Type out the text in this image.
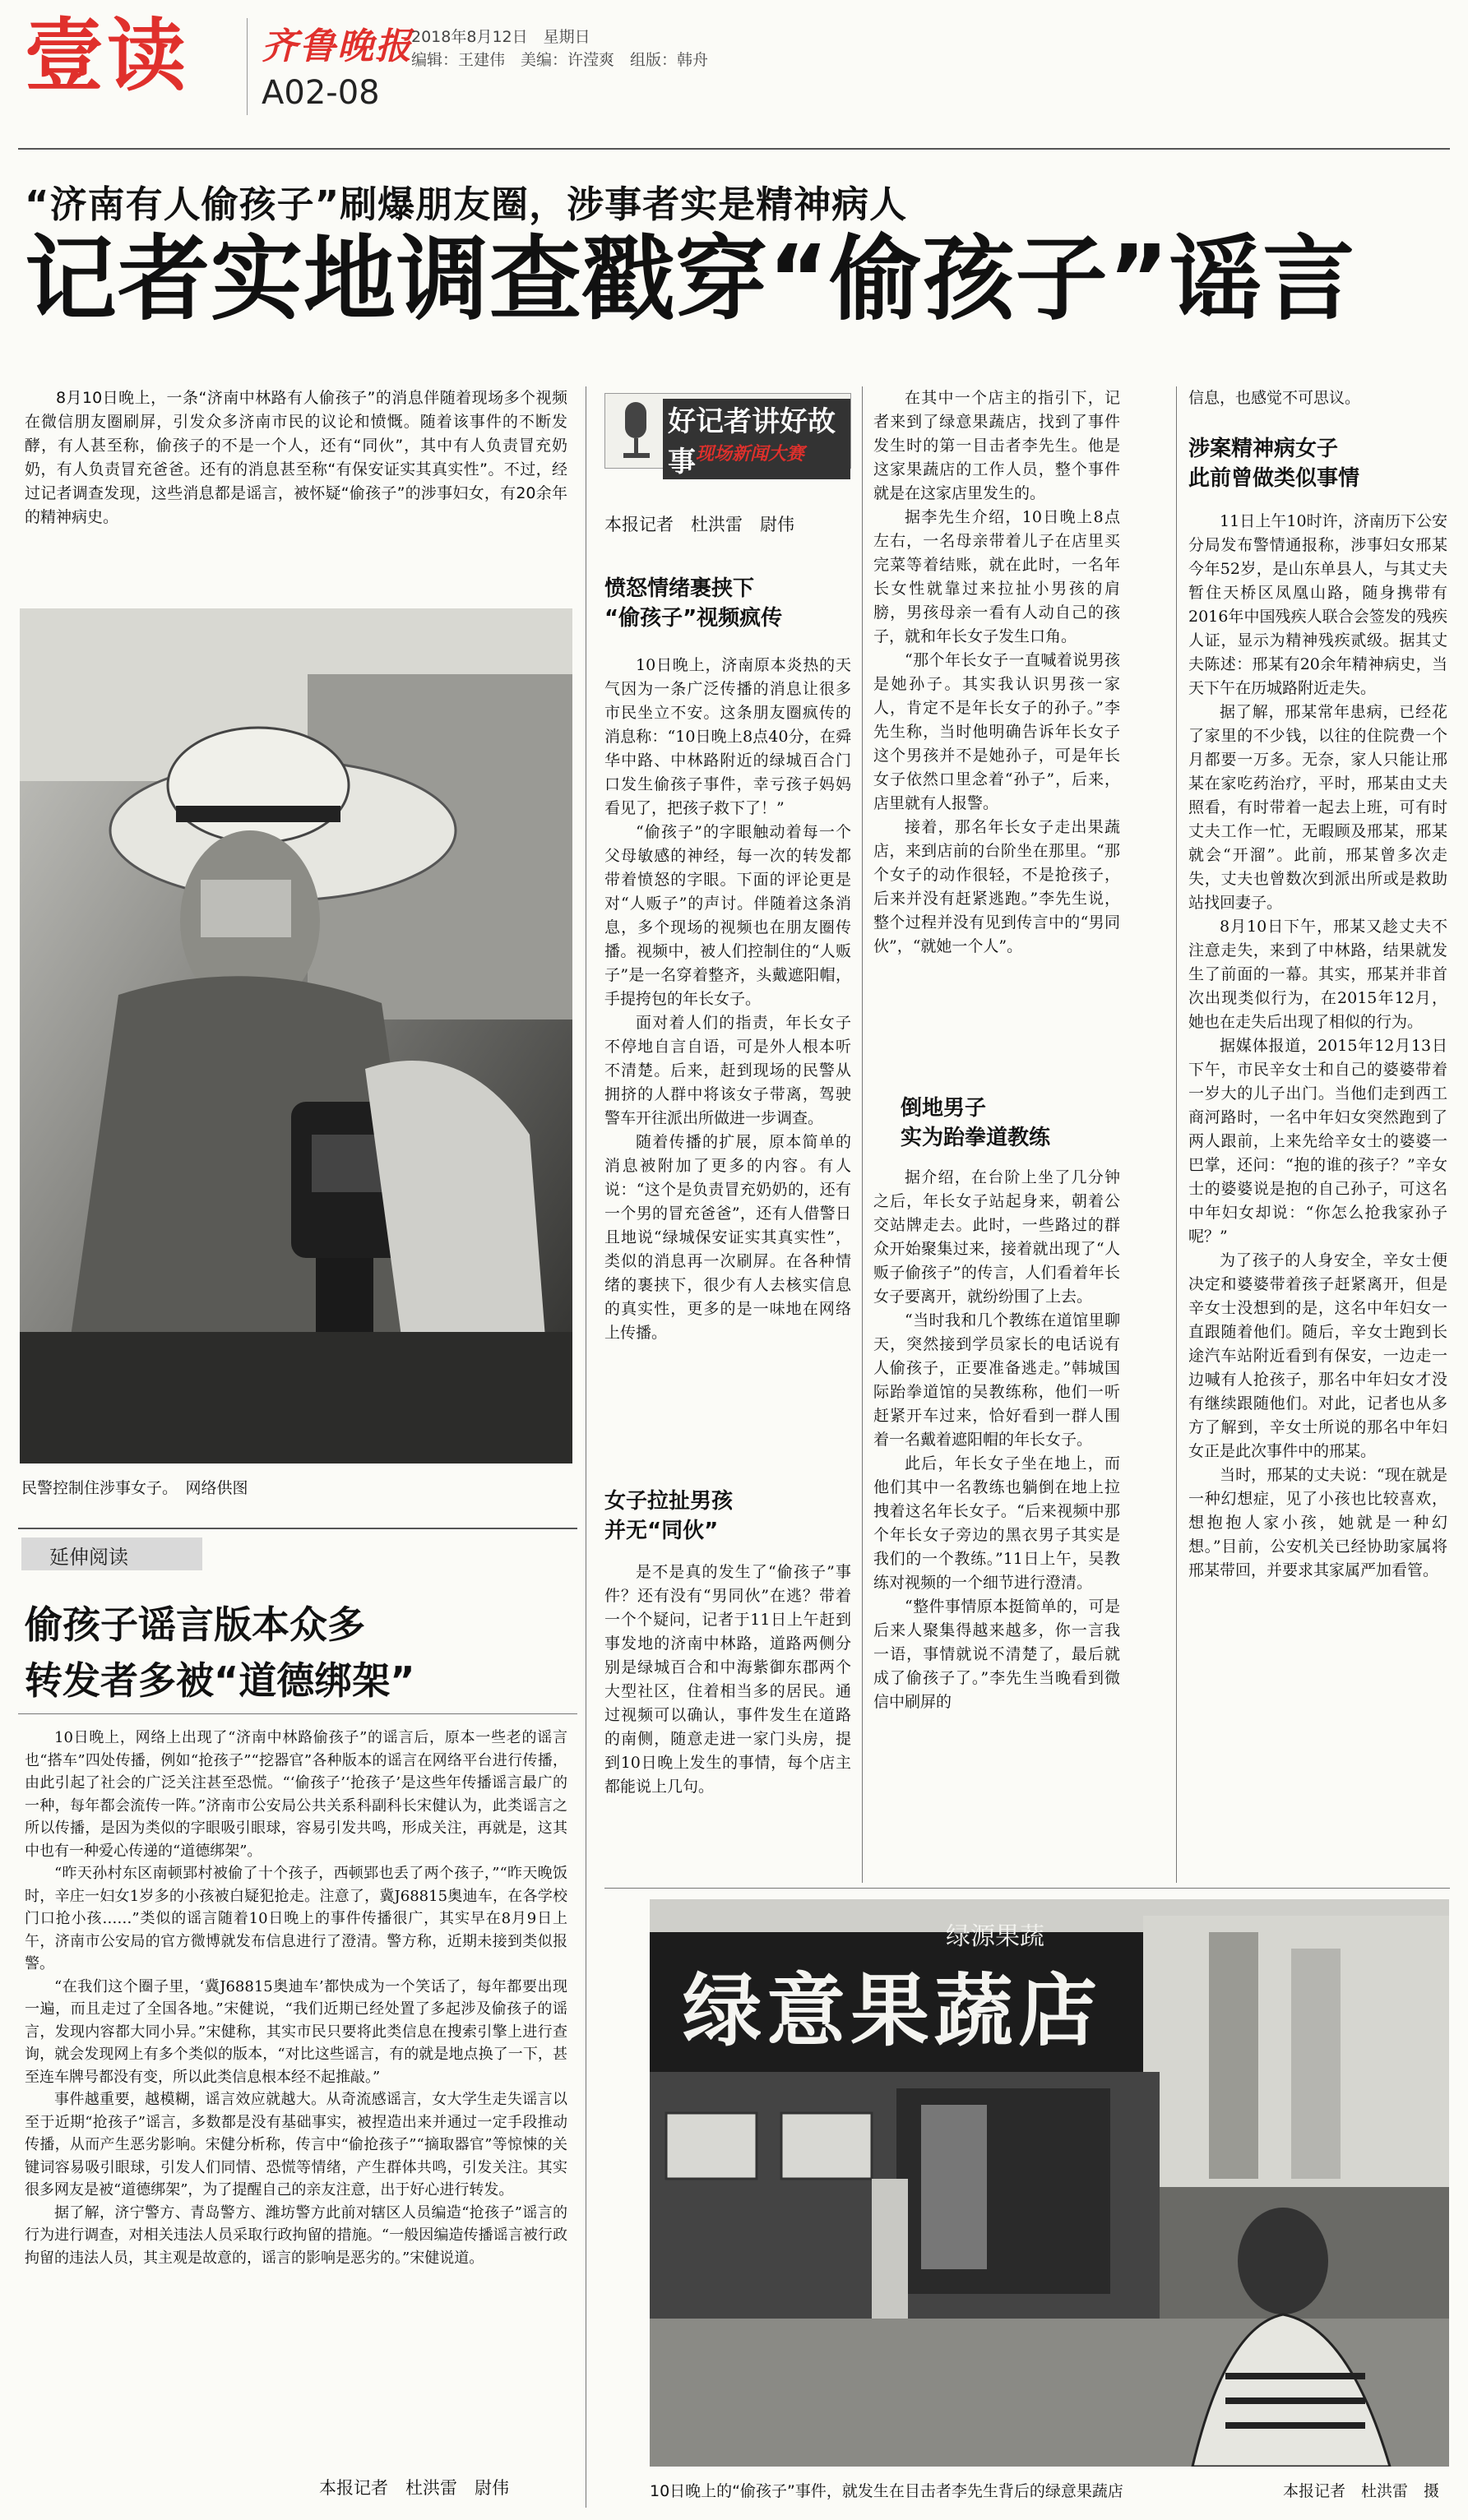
壹读 齐鲁晚报
2018年8月12日　星期日
编辑：王建伟　美编：许滢爽　组版：韩舟
A02-08
“济南有人偷孩子”刷爆朋友圈，涉事者实是精神病人
记者实地调查戳穿“偷孩子”谣言
8月10日晚上，一条“济南中林路有人偷孩子”的消息伴随着现场多个视频在微信朋友圈刷屏，引发众多济南市民的议论和愤慨。随着该事件的不断发酵，有人甚至称，偷孩子的不是一个人，还有“同伙”，其中有人负责冒充奶奶，有人负责冒充爸爸。还有的消息甚至称“有保安证实其真实性”。不过，经过记者调查发现，这些消息都是谣言，被怀疑“偷孩子”的涉事妇女，有20余年的精神病史。
民警控制住涉事女子。　网络供图
延伸阅读
偷孩子谣言版本众多
转发者多被“道德绑架”

10日晚上，网络上出现了“济南中林路偷孩子”的谣言后，原本一些老的谣言也“搭车”四处传播，例如“抢孩子”“挖器官”各种版本的谣言在网络平台进行传播，由此引起了社会的广泛关注甚至恐慌。“‘偷孩子’‘抢孩子’是这些年传播谣言最广的一种，每年都会流传一阵。”济南市公安局公共关系科副科长宋健认为，此类谣言之所以传播，是因为类似的字眼吸引眼球，容易引发共鸣，形成关注，再就是，这其中也有一种爱心传递的“道德绑架”。

“昨天孙村东区南顿郢村被偷了十个孩子，西顿郢也丢了两个孩子，”“昨天晚饭时，辛庄一妇女1岁多的小孩被白疑犯抢走。注意了，冀J68815奥迪车，在各学校门口抢小孩……”类似的谣言随着10日晚上的事件传播很广，其实早在8月9日上午，济南市公安局的官方微博就发布信息进行了澄清。警方称，近期未接到类似报警。

“在我们这个圈子里，‘冀J68815奥迪车’都快成为一个笑话了，每年都要出现一遍，而且走过了全国各地。”宋健说，“我们近期已经处置了多起涉及偷孩子的谣言，发现内容都大同小异。”宋健称，其实市民只要将此类信息在搜索引擎上进行查询，就会发现网上有多个类似的版本，“对比这些谣言，有的就是地点换了一下，甚至连车牌号都没有变，所以此类信息根本经不起推敲。”

事件越重要，越模糊，谣言效应就越大。从奇流感谣言，女大学生走失谣言以至于近期“抢孩子”谣言，多数都是没有基础事实，被捏造出来并通过一定手段推动传播，从而产生恶劣影响。宋健分析称，传言中“偷抢孩子”“摘取器官”等惊悚的关键词容易吸引眼球，引发人们同情、恐慌等情绪，产生群体共鸣，引发关注。其实很多网友是被“道德绑架”，为了提醒自己的亲友注意，出于好心进行转发。

据了解，济宁警方、青岛警方、潍坊警方此前对辖区人员编造“抢孩子”谣言的行为进行调查，对相关违法人员采取行政拘留的措施。“一般因编造传播谣言被行政拘留的违法人员，其主观是故意的，谣言的影响是恶劣的。”宋健说道。

本报记者　杜洪雷　尉伟
好记者讲好故事 现场新闻大赛
本报记者　杜洪雷　尉伟
愤怒情绪裹挟下
“偷孩子”视频疯传

10日晚上，济南原本炎热的天气因为一条广泛传播的消息让很多市民坐立不安。这条朋友圈疯传的消息称：“10日晚上8点40分，在舜华中路、中林路附近的绿城百合门口发生偷孩子事件，幸亏孩子妈妈看见了，把孩子救下了！”

“偷孩子”的字眼触动着每一个父母敏感的神经，每一次的转发都带着愤怒的字眼。下面的评论更是对“人贩子”的声讨。伴随着这条消息，多个现场的视频也在朋友圈传播。视频中，被人们控制住的“人贩子”是一名穿着整齐，头戴遮阳帽，手提挎包的年长女子。

面对着人们的指责，年长女子不停地自言自语，可是外人根本听不清楚。后来，赶到现场的民警从拥挤的人群中将该女子带离，驾驶警车开往派出所做进一步调查。

随着传播的扩展，原本简单的消息被附加了更多的内容。有人说：“这个是负责冒充奶奶的，还有一个男的冒充爸爸”，还有人借警日且地说“绿城保安证实其真实性”，类似的消息再一次刷屏。在各种情绪的裹挟下，很少有人去核实信息的真实性，更多的是一味地在网络上传播。

女子拉扯男孩
并无“同伙”

是不是真的发生了“偷孩子”事件？还有没有“男同伙”在逃？带着一个个疑问，记者于11日上午赶到事发地的济南中林路，道路两侧分别是绿城百合和中海紫御东郡两个大型社区，住着相当多的居民。通过视频可以确认，事件发生在道路的南侧，随意走进一家门头房，提到10日晚上发生的事情，每个店主都能说上几句。

在其中一个店主的指引下，记者来到了绿意果蔬店，找到了事件发生时的第一目击者李先生。他是这家果蔬店的工作人员，整个事件就是在这家店里发生的。

据李先生介绍，10日晚上8点左右，一名母亲带着儿子在店里买完菜等着结账，就在此时，一名年长女性就靠过来拉扯小男孩的肩膀，男孩母亲一看有人动自己的孩子，就和年长女子发生口角。

“那个年长女子一直喊着说男孩是她孙子。其实我认识男孩一家人，肯定不是年长女子的孙子。”李先生称，当时他明确告诉年长女子这个男孩并不是她孙子，可是年长女子依然口里念着“孙子”，后来，店里就有人报警。

接着，那名年长女子走出果蔬店，来到店前的台阶坐在那里。“那个女子的动作很轻，不是抢孩子，后来并没有赶紧逃跑。”李先生说，整个过程并没有见到传言中的“男同伙”，“就她一个人”。

倒地男子
实为跆拳道教练

据介绍，在台阶上坐了几分钟之后，年长女子站起身来，朝着公交站牌走去。此时，一些路过的群众开始聚集过来，接着就出现了“人贩子偷孩子”的传言，人们看着年长女子要离开，就纷纷围了上去。

“当时我和几个教练在道馆里聊天，突然接到学员家长的电话说有人偷孩子，正要准备逃走。”韩城国际跆拳道馆的吴教练称，他们一听赶紧开车过来，恰好看到一群人围着一名戴着遮阳帽的年长女子。

此后，年长女子坐在地上，而他们其中一名教练也躺倒在地上拉拽着这名年长女子。“后来视频中那个年长女子旁边的黑衣男子其实是我们的一个教练。”11日上午，吴教练对视频的一个细节进行澄清。

“整件事情原本挺简单的，可是后来人聚集得越来越多，你一言我一语，事情就说不清楚了，最后就成了偷孩子了。”李先生当晚看到微信中刷屏的

信息，也感觉不可思议。

涉案精神病女子
此前曾做类似事情

11日上午10时许，济南历下公安分局发布警情通报称，涉事妇女邢某今年52岁，是山东单县人，与其丈夫暂住天桥区凤凰山路，随身携带有2016年中国残疾人联合会签发的残疾人证，显示为精神残疾贰级。据其丈夫陈述：邢某有20余年精神病史，当天下午在历城路附近走失。

据了解，邢某常年患病，已经花了家里的不少钱，以往的住院费一个月都要一万多。无奈，家人只能让邢某在家吃药治疗，平时，邢某由丈夫照看，有时带着一起去上班，可有时丈夫工作一忙，无暇顾及邢某，邢某就会“开溜”。此前，邢某曾多次走失，丈夫也曾数次到派出所或是救助站找回妻子。

8月10日下午，邢某又趁丈夫不注意走失，来到了中林路，结果就发生了前面的一幕。其实，邢某并非首次出现类似行为，在2015年12月，她也在走失后出现了相似的行为。

据媒体报道，2015年12月13日下午，市民辛女士和自己的婆婆带着一岁大的儿子出门。当他们走到西工商河路时，一名中年妇女突然跑到了两人跟前，上来先给辛女士的婆婆一巴掌，还问：“抱的谁的孩子？”辛女士的婆婆说是抱的自己孙子，可这名中年妇女却说：“你怎么抢我家孙子呢？”

为了孩子的人身安全，辛女士便决定和婆婆带着孩子赶紧离开，但是辛女士没想到的是，这名中年妇女一直跟随着他们。随后，辛女士跑到长途汽车站附近看到有保安，一边走一边喊有人抢孩子，那名中年妇女才没有继续跟随他们。对此，记者也从多方了解到，辛女士所说的那名中年妇女正是此次事件中的邢某。

当时，邢某的丈夫说：“现在就是一种幻想症，见了小孩也比较喜欢，想抱抱人家小孩，她就是一种幻想。”目前，公安机关已经协助家属将邢某带回，并要求其家属严加看管。

绿意果蔬店
绿源果蔬
10日晚上的“偷孩子”事件，就发生在目击者李先生背后的绿意果蔬店	本报记者　杜洪雷　摄
